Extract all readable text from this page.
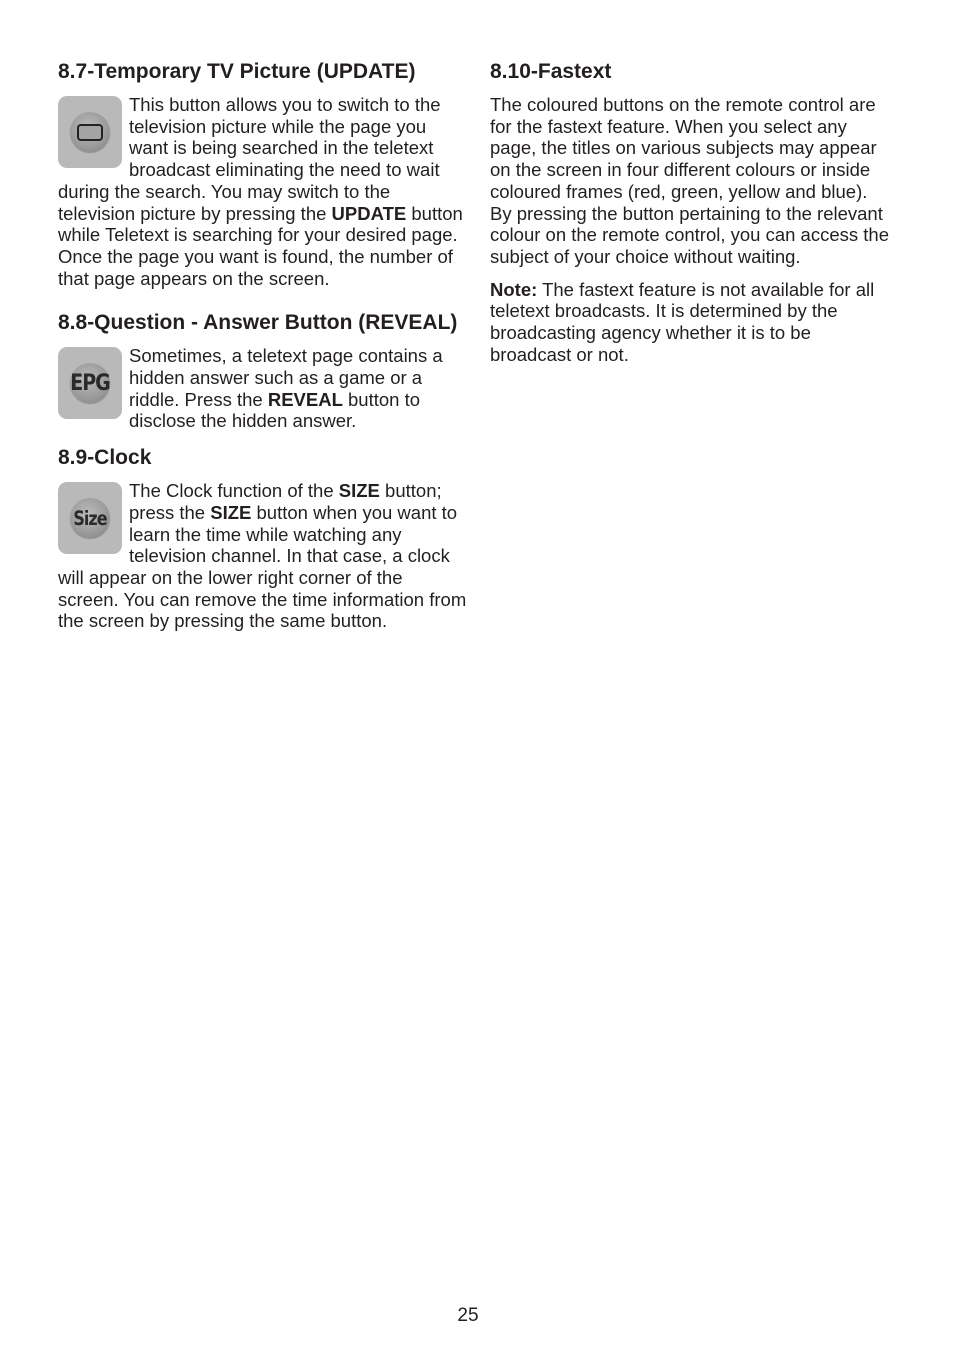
8.7-Temporary TV Picture (UPDATE)

This button allows you to switch to the television picture while the page you want is being searched in the teletext broadcast eliminating the need to wait during the search. You may switch to the television picture by pressing the UPDATE button while Teletext is searching for your desired page. Once the page you want is found, the number of that page appears on the screen.

8.8-Question - Answer Button (REVEAL)
EPG

Sometimes, a teletext page contains a hidden answer such as a game or a riddle. Press the REVEAL button to disclose the hidden answer.

8.9-Clock
Size

The Clock function of the SIZE button; press the SIZE button when you want to learn the time while watching any television channel. In that case, a clock will appear on the lower right corner of the screen. You can remove the time information from the screen by pressing the same button.

8.10-Fastext

The coloured buttons on the remote control are for the fastext feature. When you select any page, the titles on various subjects may appear on the screen in four different colours or inside coloured frames (red, green, yellow and blue). By pressing the button pertaining to the relevant colour on the remote control, you can access the subject of your choice without waiting.

Note: The fastext feature is not available for all teletext broadcasts. It is determined by the broadcasting agency whether it is to be broadcast or not.

25
